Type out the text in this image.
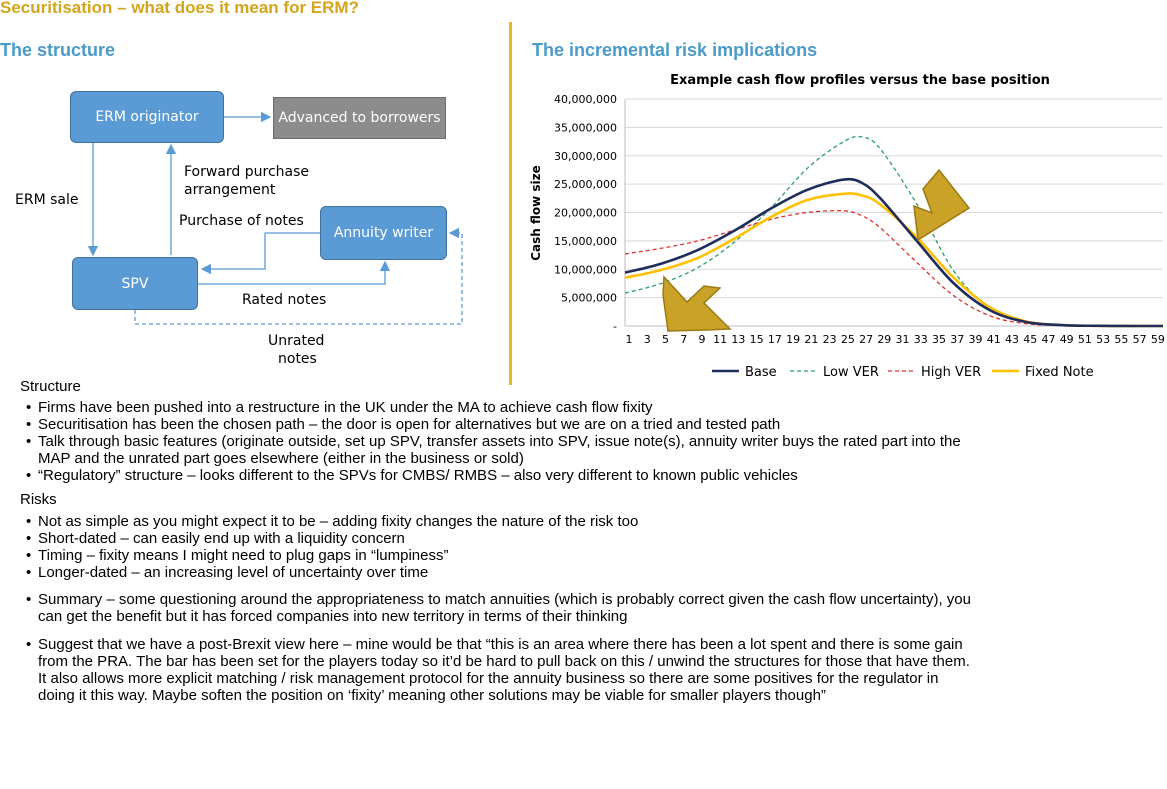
Securitisation – what does it mean for ERM?
The structure	The incremental risk implications
ERM originator	Advanced to borrowers
SPV
Annuity writer
ERM sale
Forward purchase
arrangement
Purchase of notes
Rated notes
Unrated
notes
Example cash flow profiles versus the base position
-
5,000,000
10,000,000
15,000,000
20,000,000
25,000,000
30,000,000
35,000,000
40,000,000
1 3 5 7 9 11 13 15 17 19 21 23 25 27 29 31 33 35 37 39 41 43 45 47 49 51 53 55 57 59
Cash flow size
Base	Low VER	High VER	Fixed Note
Structure
• Firms have been pushed into a restructure in the UK under the MA to achieve cash flow fixity
• Securitisation has been the chosen path – the door is open for alternatives but we are on a tried and tested path
• Talk through basic features (originate outside, set up SPV, transfer assets into SPV, issue note(s), annuity writer buys the rated part into the MAP and the unrated part goes elsewhere (either in the business or sold)
• “Regulatory” structure – looks different to the SPVs for CMBS/ RMBS – also very different to known public vehicles
Risks
• Not as simple as you might expect it to be – adding fixity changes the nature of the risk too
• Short-dated – can easily end up with a liquidity concern
• Timing – fixity means I might need to plug gaps in “lumpiness”
• Longer-dated – an increasing level of uncertainty over time
• Summary – some questioning around the appropriateness to match annuities (which is probably correct given the cash flow uncertainty), you can get the benefit but it has forced companies into new territory in terms of their thinking
• Suggest that we have a post-Brexit view here – mine would be that “this is an area where there has been a lot spent and there is some gain from the PRA. The bar has been set for the players today so it’d be hard to pull back on this / unwind the structures for those that have them. It also allows more explicit matching / risk management protocol for the annuity business so there are some positives for the regulator in doing it this way. Maybe soften the position on ‘fixity’ meaning other solutions may be viable for smaller players though”
